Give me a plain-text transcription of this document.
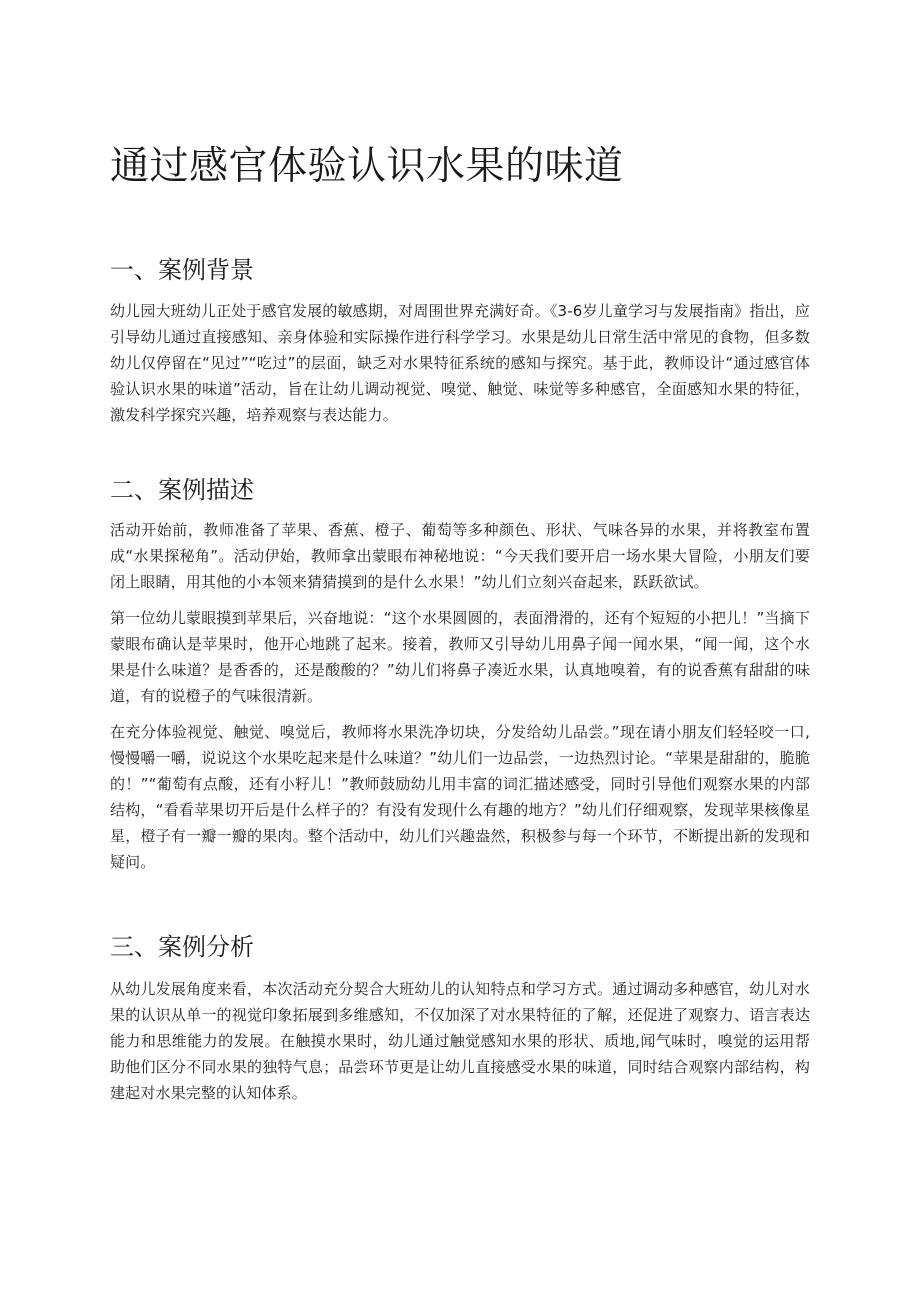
通过感官体验认识水果的味道
一、案例背景

幼儿园大班幼儿正处于感官发展的敏感期，对周围世界充满好奇。《3-6岁儿童学习与发展指南》指出，应引导幼儿通过直接感知、亲身体验和实际操作进行科学学习。水果是幼儿日常生活中常见的食物，但多数幼儿仅停留在“见过”“吃过”的层面，缺乏对水果特征系统的感知与探究。基于此，教师设计“通过感官体验认识水果的味道”活动，旨在让幼儿调动视觉、嗅觉、触觉、味觉等多种感官，全面感知水果的特征，激发科学探究兴趣，培养观察与表达能力。

二、案例描述

活动开始前，教师准备了苹果、香蕉、橙子、葡萄等多种颜色、形状、气味各异的水果，并将教室布置成“水果探秘角”。活动伊始，教师拿出蒙眼布神秘地说：“今天我们要开启一场水果大冒险，小朋友们要闭上眼睛，用其他的小本领来猜猜摸到的是什么水果！”幼儿们立刻兴奋起来，跃跃欲试。

第一位幼儿蒙眼摸到苹果后，兴奋地说：“这个水果圆圆的，表面滑滑的，还有个短短的小把儿！”当摘下蒙眼布确认是苹果时，他开心地跳了起来。接着，教师又引导幼儿用鼻子闻一闻水果，“闻一闻，这个水果是什么味道？是香香的，还是酸酸的？”幼儿们将鼻子凑近水果，认真地嗅着，有的说香蕉有甜甜的味道，有的说橙子的气味很清新。

在充分体验视觉、触觉、嗅觉后，教师将水果洗净切块，分发给幼儿品尝。”现在请小朋友们轻轻咬一口,慢慢嚼一嚼，说说这个水果吃起来是什么味道？”幼儿们一边品尝，一边热烈讨论。“苹果是甜甜的，脆脆的！”“葡萄有点酸，还有小籽儿！”教师鼓励幼儿用丰富的词汇描述感受，同时引导他们观察水果的内部结构，“看看苹果切开后是什么样子的？有没有发现什么有趣的地方？”幼儿们仔细观察，发现苹果核像星星，橙子有一瓣一瓣的果肉。整个活动中，幼儿们兴趣盎然，积极参与每一个环节，不断提出新的发现和疑问。

三、案例分析

从幼儿发展角度来看，本次活动充分契合大班幼儿的认知特点和学习方式。通过调动多种感官，幼儿对水果的认识从单一的视觉印象拓展到多维感知，不仅加深了对水果特征的了解，还促进了观察力、语言表达能力和思维能力的发展。在触摸水果时，幼儿通过触觉感知水果的形状、质地,闻气味时，嗅觉的运用帮助他们区分不同水果的独特气息；品尝环节更是让幼儿直接感受水果的味道，同时结合观察内部结构，构建起对水果完整的认知体系。
